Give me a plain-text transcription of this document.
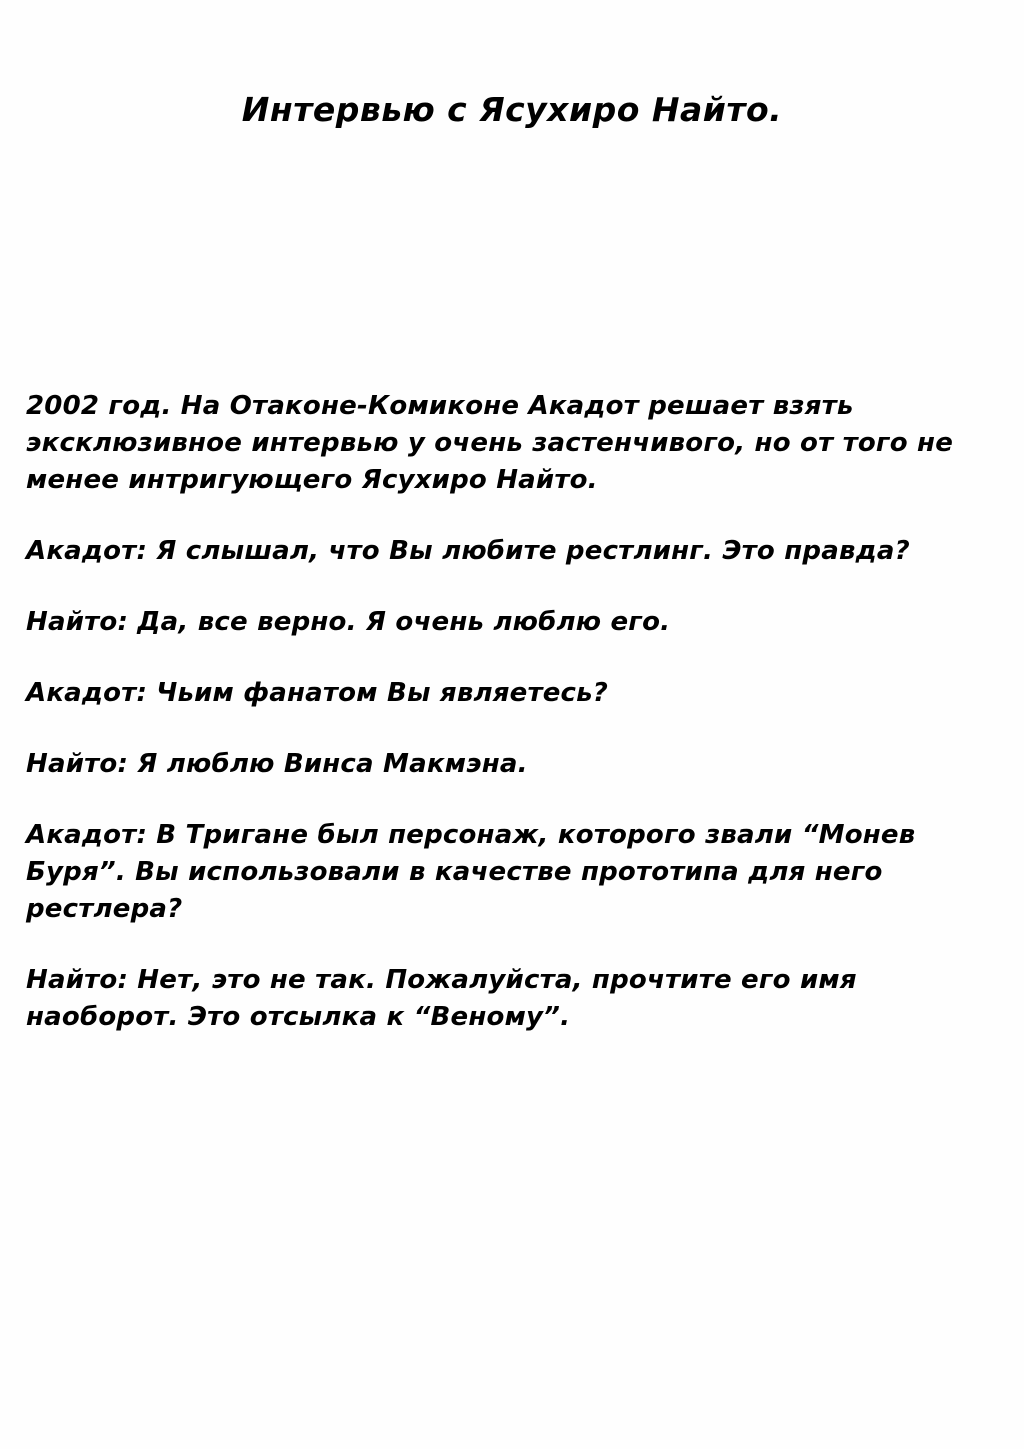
Интервью с Ясухиро Найто.

2002 год. На Отаконе-Комиконе Акадот решает взять эксклюзивное интервью у очень застенчивого, но от того не менее интригующего Ясухиро Найто.

Акадот: Я слышал, что Вы любите рестлинг. Это правда?

Найто: Да, все верно. Я очень люблю его.

Акадот: Чьим фанатом Вы являетесь?

Найто: Я люблю Винса Макмэна.

Акадот: В Тригане был персонаж, которого звали “Монев Буря”. Вы использовали в качестве прототипа для него рестлера?

Найто: Нет, это не так. Пожалуйста, прочтите его имя наоборот. Это отсылка к “Веному”.
